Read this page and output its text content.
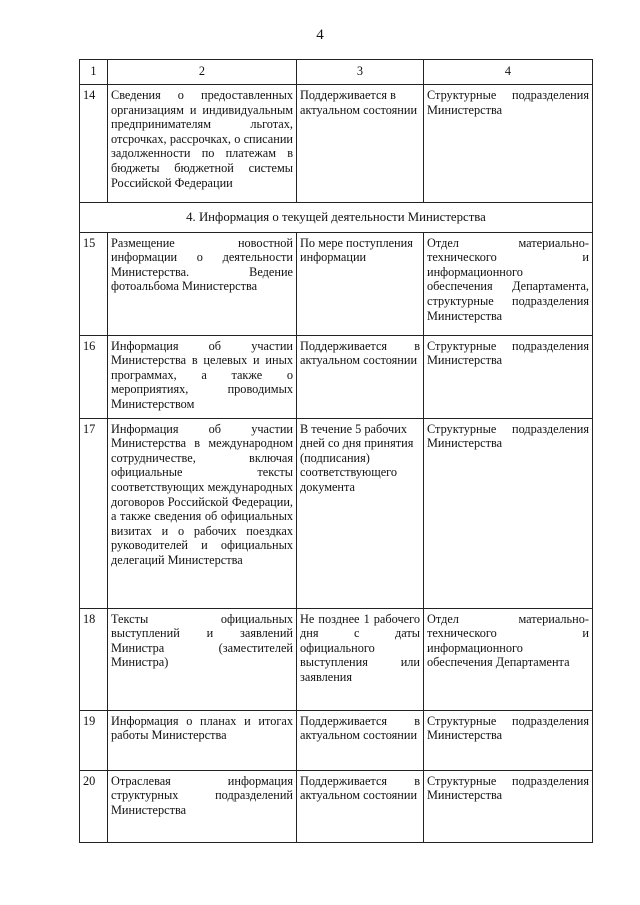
4
1	2	3	4
14	Сведения о предоставленных организациям и индивидуальным предпринимателям льготах, отсрочках, рассрочках, о списании задолженности по платежам в бюджеты бюджетной системы Российской Федерации	Поддерживается в актуальном состоянии	Структурные подразделения Министерства
4. Информация о текущей деятельности Министерства			
15	Размещение новостной информации о деятельности Министерства. Ведение фотоальбома Министерства	По мере поступления информации	Отдел материально-технического и информационного обеспечения Департамента, структурные подразделения Министерства
16	Информация об участии Министерства в целевых и иных программах, а также о мероприятиях, проводимых Министерством	Поддерживается в актуальном состоянии	Структурные подразделения Министерства
17	Информация об участии Министерства в международном сотрудничестве, включая официальные тексты соответствующих международных договоров Российской Федерации, а также сведения об официальных визитах и о рабочих поездках руководителей и официальных делегаций Министерства	В течение 5 рабочих дней со дня принятия (подписания) соответствующего документа	Структурные подразделения Министерства
18	Тексты официальных выступлений и заявлений Министра (заместителей Министра)	Не позднее 1 рабочего дня с даты официального выступления или заявления	Отдел материально-технического и информационного обеспечения Департамента
19	Информация о планах и итогах работы Министерства	Поддерживается в актуальном состоянии	Структурные подразделения Министерства
20	Отраслевая информация структурных подразделений Министерства	Поддерживается в актуальном состоянии	Структурные подразделения Министерства
